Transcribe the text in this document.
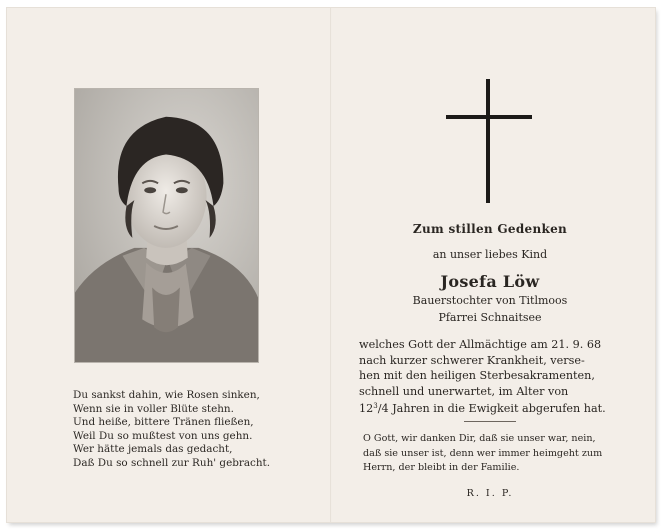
Du sankst dahin, wie Rosen sinken,
Wenn sie in voller Blüte stehn.
Und heiße, bittere Tränen fließen,
Weil Du so mußtest von uns gehn.
Wer hätte jemals das gedacht,
Daß Du so schnell zur Ruh' gebracht.
Zum stillen Gedenken
an unser liebes Kind
Josefa Löw
Bauerstochter von Titlmoos
Pfarrei Schnaitsee
welches Gott der Allmächtige am 21. 9. 68
nach kurzer schwerer Krankheit, verse-
hen mit den heiligen Sterbesakramenten,
schnell und unerwartet, im Alter von
$12^3/4$ Jahren in die Ewigkeit abgerufen hat.
O Gott, wir danken Dir, daß sie unser war, nein,
daß sie unser ist, denn wer immer heimgeht zum
Herrn, der bleibt in der Familie.
R. I. P.
